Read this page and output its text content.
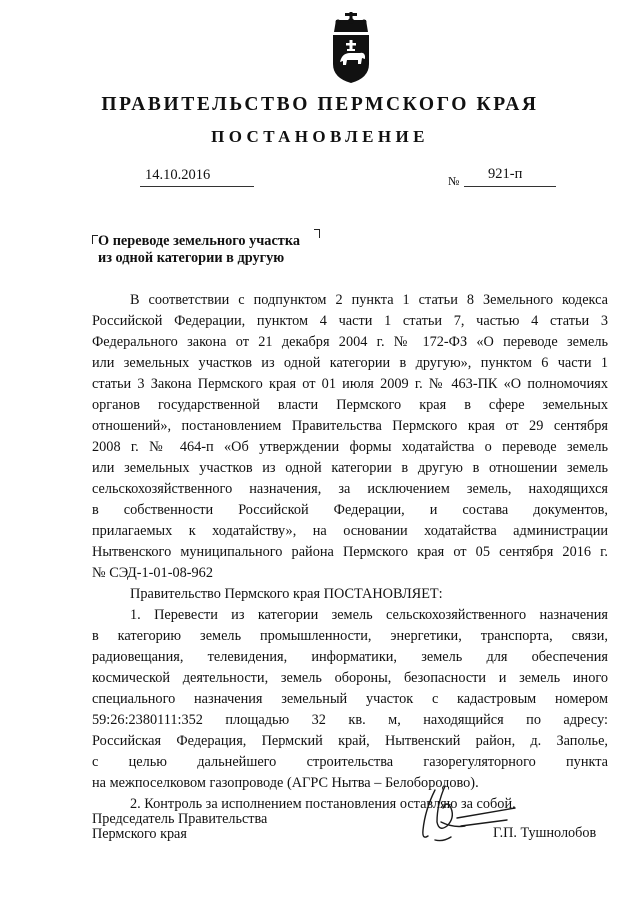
ПРАВИТЕЛЬСТВО ПЕРМСКОГО КРАЯ
ПОСТАНОВЛЕНИЕ
14.10.2016	№ 921-п
О переводе земельного участка
из одной категории в другую
В соответствии с подпунктом 2 пункта 1 статьи 8 Земельного кодекса
Российской Федерации, пунктом 4 части 1 статьи 7, частью 4 статьи 3
Федерального закона от 21 декабря 2004 г. № 172-ФЗ «О переводе земель
или земельных участков из одной категории в другую», пунктом 6 части 1
статьи 3 Закона Пермского края от 01 июля 2009 г. № 463-ПК «О полномочиях
органов государственной власти Пермского края в сфере земельных
отношений», постановлением Правительства Пермского края от 29 сентября
2008 г. № 464-п «Об утверждении формы ходатайства о переводе земель
или земельных участков из одной категории в другую в отношении земель
сельскохозяйственного назначения, за исключением земель, находящихся
в собственности Российской Федерации, и состава документов,
прилагаемых к ходатайству», на основании ходатайства администрации
Нытвенского муниципального района Пермского края от 05 сентября 2016 г.
№ СЭД-1-01-08-962
Правительство Пермского края ПОСТАНОВЛЯЕТ:
1. Перевести из категории земель сельскохозяйственного назначения
в категорию земель промышленности, энергетики, транспорта, связи,
радиовещания, телевидения, информатики, земель для обеспечения
космической деятельности, земель обороны, безопасности и земель иного
специального назначения земельный участок с кадастровым номером
59:26:2380111:352 площадью 32 кв. м, находящийся по адресу:
Российская Федерация, Пермский край, Нытвенский район, д. Заполье,
с целью дальнейшего строительства газорегуляторного пункта
на межпоселковом газопроводе (АГРС Нытва – Белобородово).
2. Контроль за исполнением постановления оставляю за собой.
Председатель Правительства
Пермского края	Г.П. Тушнолобов
